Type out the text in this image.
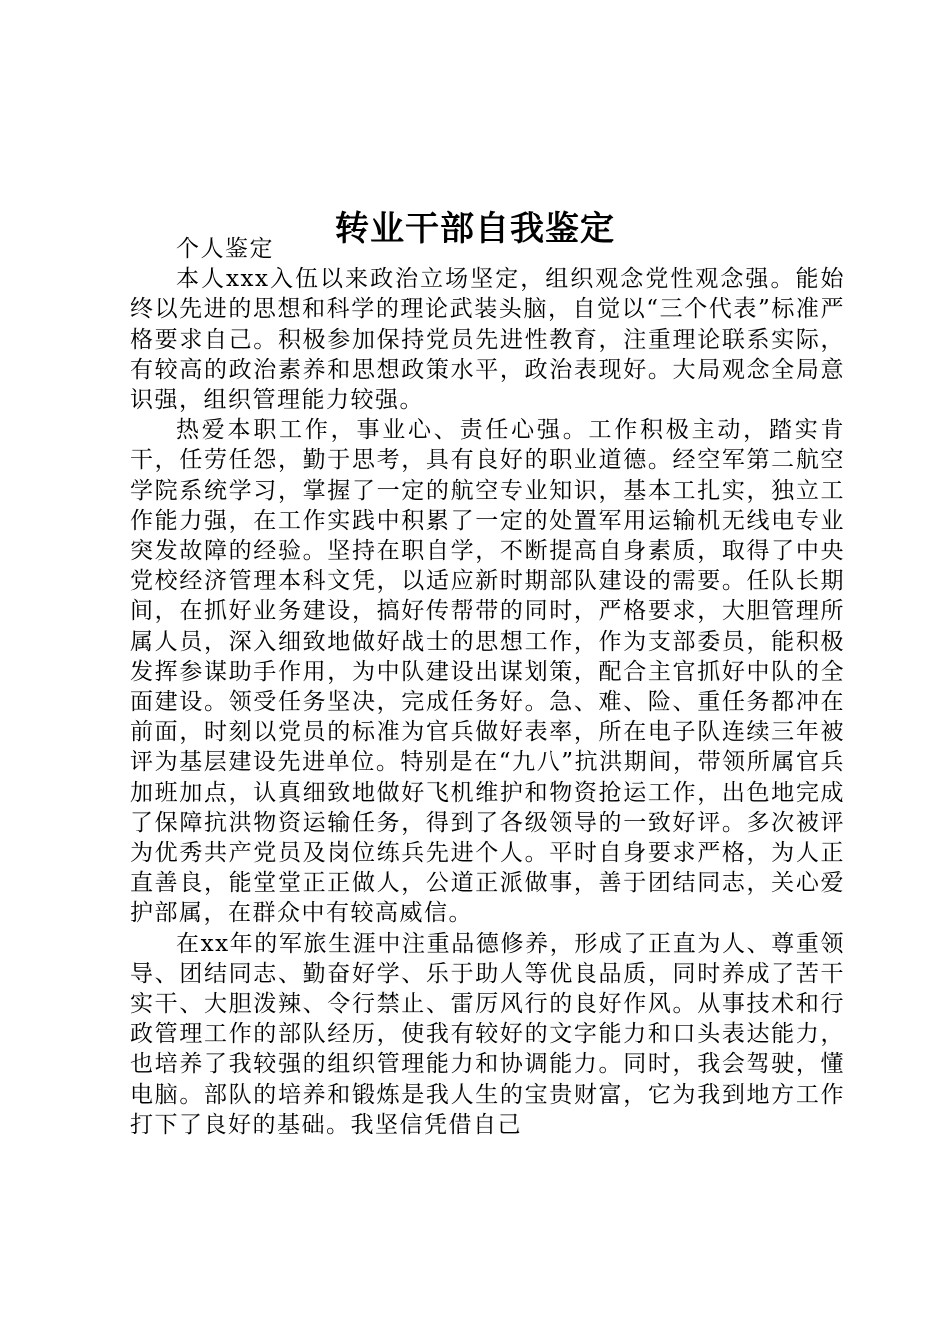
转业干部自我鉴定

个人鉴定

本人xxx入伍以来政治立场坚定，组织观念党性观念强。能始终以先进的思想和科学的理论武装头脑，自觉以“三个代表”标准严格要求自己。积极参加保持党员先进性教育，注重理论联系实际，有较高的政治素养和思想政策水平，政治表现好。大局观念全局意识强，组织管理能力较强。

热爱本职工作，事业心、责任心强。工作积极主动，踏实肯干，任劳任怨，勤于思考，具有良好的职业道德。经空军第二航空学院系统学习，掌握了一定的航空专业知识，基本工扎实，独立工作能力强，在工作实践中积累了一定的处置军用运输机无线电专业突发故障的经验。坚持在职自学，不断提高自身素质，取得了中央党校经济管理本科文凭，以适应新时期部队建设的需要。任队长期间，在抓好业务建设，搞好传帮带的同时，严格要求，大胆管理所属人员，深入细致地做好战士的思想工作，作为支部委员，能积极发挥参谋助手作用，为中队建设出谋划策，配合主官抓好中队的全面建设。领受任务坚决，完成任务好。急、难、险、重任务都冲在前面，时刻以党员的标准为官兵做好表率，所在电子队连续三年被评为基层建设先进单位。特别是在“九八”抗洪期间，带领所属官兵加班加点，认真细致地做好飞机维护和物资抢运工作，出色地完成了保障抗洪物资运输任务，得到了各级领导的一致好评。多次被评为优秀共产党员及岗位练兵先进个人。平时自身要求严格，为人正直善良，能堂堂正正做人，公道正派做事，善于团结同志，关心爱护部属，在群众中有较高威信。

在xx年的军旅生涯中注重品德修养，形成了正直为人、尊重领导、团结同志、勤奋好学、乐于助人等优良品质，同时养成了苦干实干、大胆泼辣、令行禁止、雷厉风行的良好作风。从事技术和行政管理工作的部队经历，使我有较好的文字能力和口头表达能力，也培养了我较强的组织管理能力和协调能力。同时，我会驾驶，懂电脑。部队的培养和锻炼是我人生的宝贵财富，它为我到地方工作打下了良好的基础。我坚信凭借自己
